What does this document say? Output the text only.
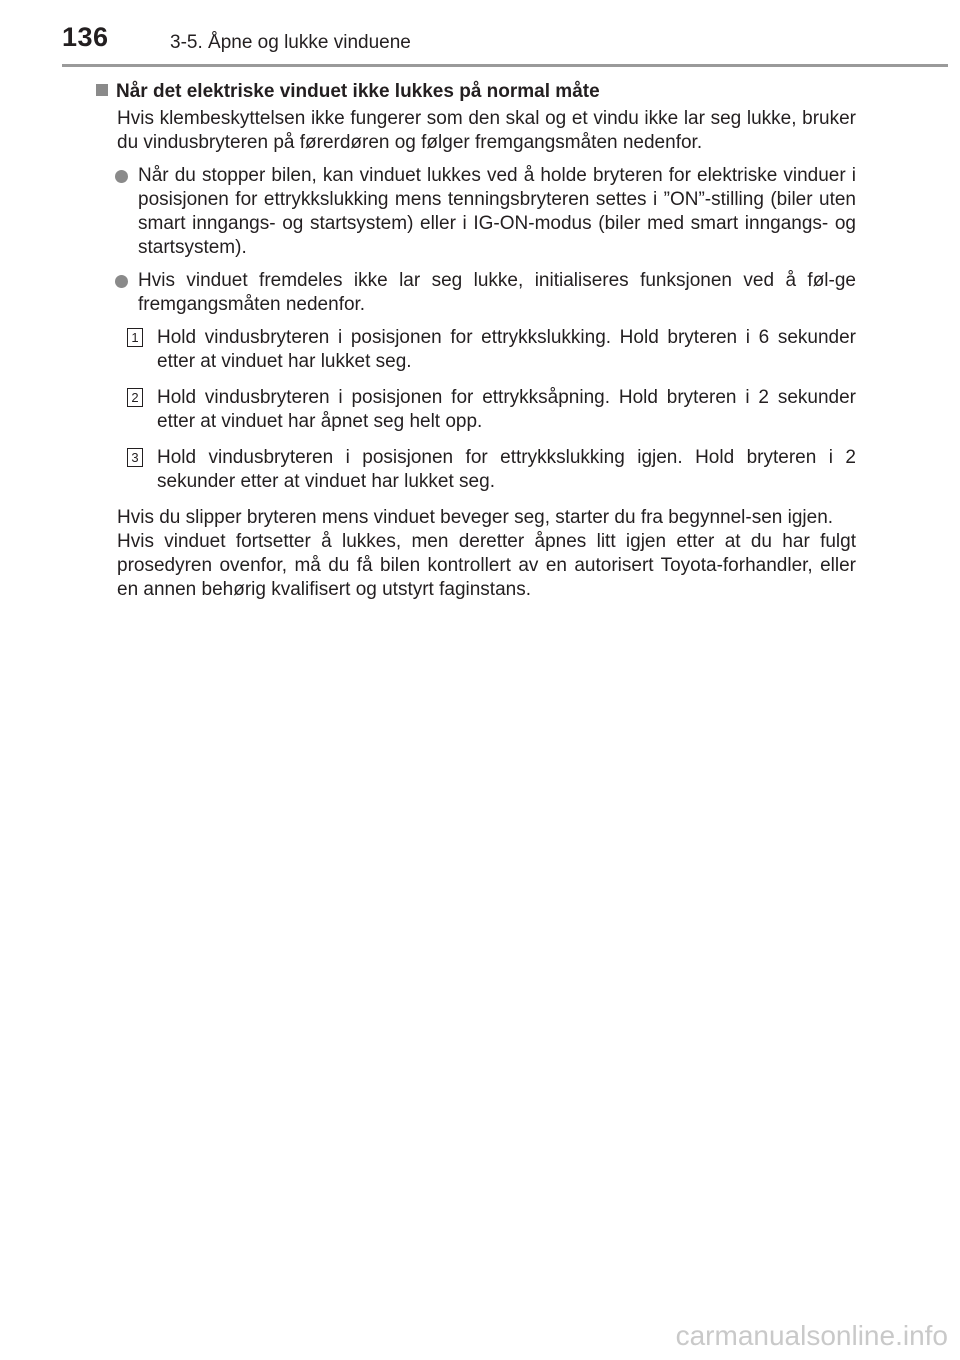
136	3-5. Åpne og lukke vinduene
Når det elektriske vinduet ikke lukkes på normal måte

Hvis klembeskyttelsen ikke fungerer som den skal og et vindu ikke lar seg lukke, bruker du vindusbryteren på førerdøren og følger fremgangsmåten nedenfor.

Når du stopper bilen, kan vinduet lukkes ved å holde bryteren for elektriske vinduer i posisjonen for ettrykkslukking mens tenningsbryteren settes i ”ON”-stilling (biler uten smart inngangs- og startsystem) eller i IG-ON-modus (biler med smart inngangs- og startsystem).
Hvis vinduet fremdeles ikke lar seg lukke, initialiseres funksjonen ved å føl-ge fremgangsmåten nedenfor.
1 Hold vindusbryteren i posisjonen for ettrykkslukking. Hold bryteren i 6 sekunder etter at vinduet har lukket seg.
2 Hold vindusbryteren i posisjonen for ettrykksåpning. Hold bryteren i 2 sekunder etter at vinduet har åpnet seg helt opp.
3 Hold vindusbryteren i posisjonen for ettrykkslukking igjen. Hold bryteren i 2 sekunder etter at vinduet har lukket seg.

Hvis du slipper bryteren mens vinduet beveger seg, starter du fra begynnel-sen igjen.

Hvis vinduet fortsetter å lukkes, men deretter åpnes litt igjen etter at du har fulgt prosedyren ovenfor, må du få bilen kontrollert av en autorisert Toyota-forhandler, eller en annen behørig kvalifisert og utstyrt faginstans.

carmanualsonline.info
